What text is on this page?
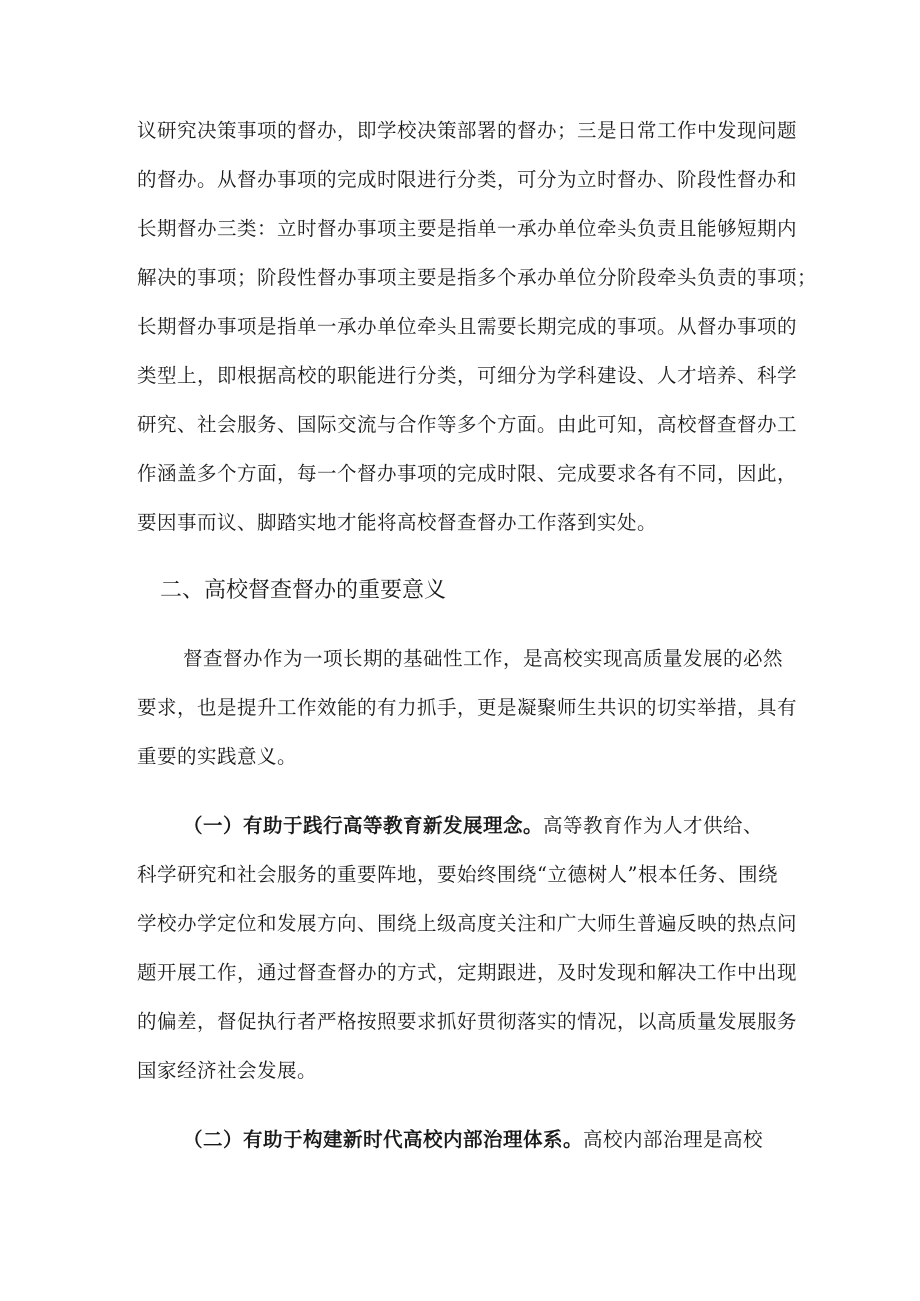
议研究决策事项的督办，即学校决策部署的督办；三是日常工作中发现问题
的督办。从督办事项的完成时限进行分类，可分为立时督办、阶段性督办和
长期督办三类：立时督办事项主要是指单一承办单位牵头负责且能够短期内
解决的事项；阶段性督办事项主要是指多个承办单位分阶段牵头负责的事项；
长期督办事项是指单一承办单位牵头且需要长期完成的事项。从督办事项的
类型上，即根据高校的职能进行分类，可细分为学科建设、人才培养、科学
研究、社会服务、国际交流与合作等多个方面。由此可知，高校督查督办工
作涵盖多个方面，每一个督办事项的完成时限、完成要求各有不同，因此，
要因事而议、脚踏实地才能将高校督查督办工作落到实处。
二、高校督查督办的重要意义
督查督办作为一项长期的基础性工作，是高校实现高质量发展的必然
要求，也是提升工作效能的有力抓手，更是凝聚师生共识的切实举措，具有
重要的实践意义。
（一）有助于践行高等教育新发展理念。高等教育作为人才供给、
科学研究和社会服务的重要阵地，要始终围绕“立德树人”根本任务、围绕
学校办学定位和发展方向、围绕上级高度关注和广大师生普遍反映的热点问
题开展工作，通过督查督办的方式，定期跟进，及时发现和解决工作中出现
的偏差，督促执行者严格按照要求抓好贯彻落实的情况，以高质量发展服务
国家经济社会发展。
（二）有助于构建新时代高校内部治理体系。高校内部治理是高校
